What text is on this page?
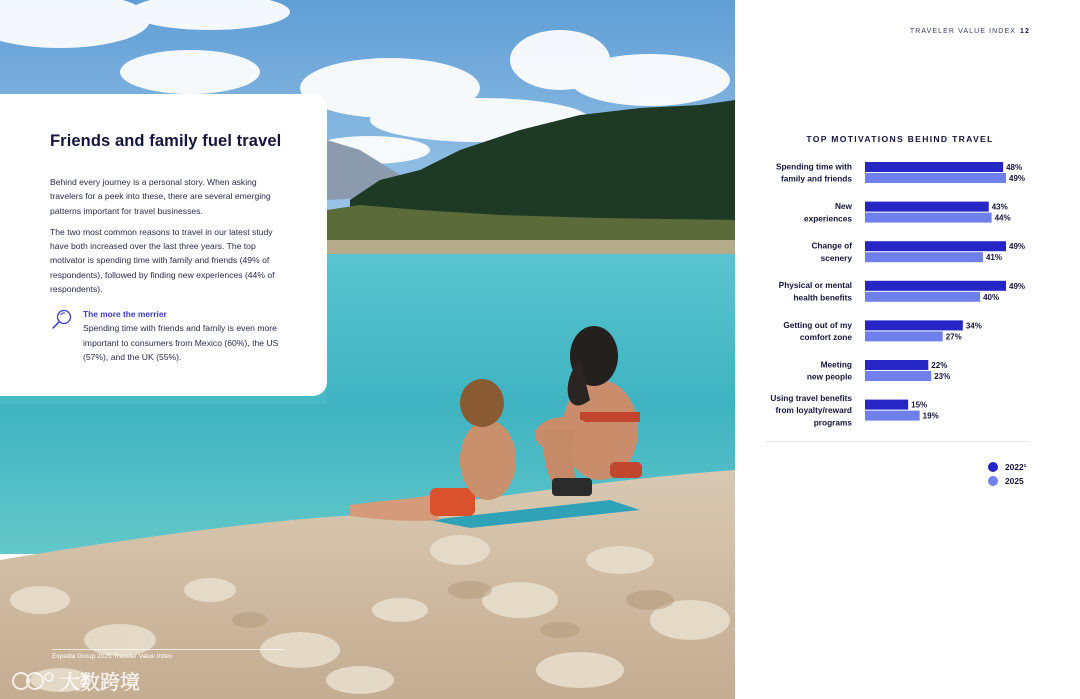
Friends and family fuel travel

Behind every journey is a personal story. When asking travelers for a peek into these, there are several emerging patterns important for travel businesses.

The two most common reasons to travel in our latest study have both increased over the last three years. The top motivator is spending time with family and friends (49% of respondents), followed by finding new experiences (44% of respondents).

The more the merrier
Spending time with friends and family is even more important to consumers from Mexico (60%), the US (57%), and the UK (55%).
Expedia Group 2025 Traveler Value Index
大数跨境
TRAVELER VALUE INDEX 12
TOP MOTIVATIONS BEHIND TRAVEL
Spending time with
family and friends
48%
49%
New
experiences
43%
44%
Change of
scenery
49%
41%
Physical or mental
health benefits
49%
40%
Getting out of my
comfort zone
34%
27%
Meeting
new people
22%
23%
Using travel benefits
from loyalty/reward
programs
15%
19%
2022¹
2025
